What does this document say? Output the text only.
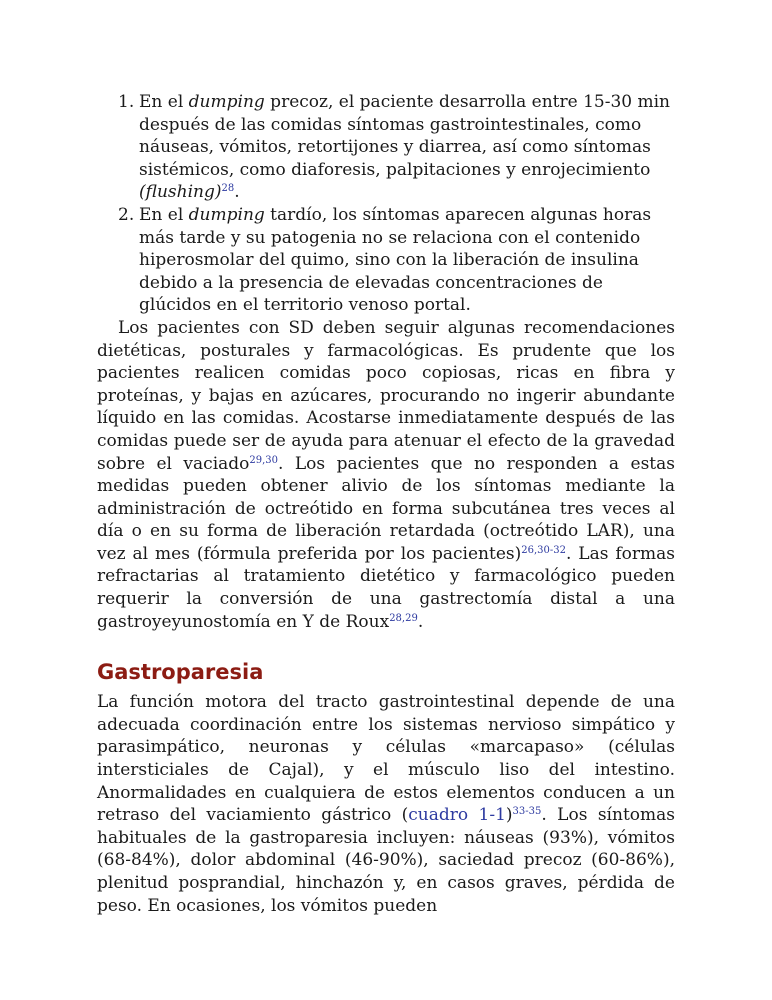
1. En el dumping precoz, el paciente desarrolla entre 15-30 min después de las comidas síntomas gastrointestinales, como náuseas, vómitos, retortijones y diarrea, así como síntomas sistémicos, como diaforesis, palpitaciones y enrojecimiento (flushing)$^{28}$.
2. En el dumping tardío, los síntomas aparecen algunas horas más tarde y su patogenia no se relaciona con el contenido hiperosmolar del quimo, sino con la liberación de insulina debido a la presencia de elevadas concentraciones de glúcidos en el territorio venoso portal.

Los pacientes con SD deben seguir algunas recomendaciones dietéticas, posturales y farmacológicas. Es prudente que los pacientes realicen comidas poco copiosas, ricas en fibra y proteínas, y bajas en azúcares, procurando no ingerir abundante líquido en las comidas. Acostarse inmediatamente después de las comidas puede ser de ayuda para atenuar el efecto de la gravedad sobre el vaciado$^{29,30}$. Los pacientes que no responden a estas medidas pueden obtener alivio de los síntomas mediante la administración de octreótido en forma subcutánea tres veces al día o en su forma de liberación retardada (octreótido LAR), una vez al mes (fórmula preferida por los pacientes)$^{26,30-32}$. Las formas refractarias al tratamiento dietético y farmacológico pueden requerir la conversión de una gastrectomía distal a una gastroyeyunostomía en Y de Roux$^{28,29}$.

Gastroparesia

La función motora del tracto gastrointestinal depende de una adecuada coordinación entre los sistemas nervioso simpático y parasimpático, neuronas y células «marcapaso» (células intersticiales de Cajal), y el músculo liso del intestino. Anormalidades en cualquiera de estos elementos conducen a un retraso del vaciamiento gástrico (cuadro 1-1)$^{33-35}$. Los síntomas habituales de la gastroparesia incluyen: náuseas (93%), vómitos (68-84%), dolor abdominal (46-90%), saciedad precoz (60-86%), plenitud posprandial, hinchazón y, en casos graves, pérdida de peso. En ocasiones, los vómitos pueden
